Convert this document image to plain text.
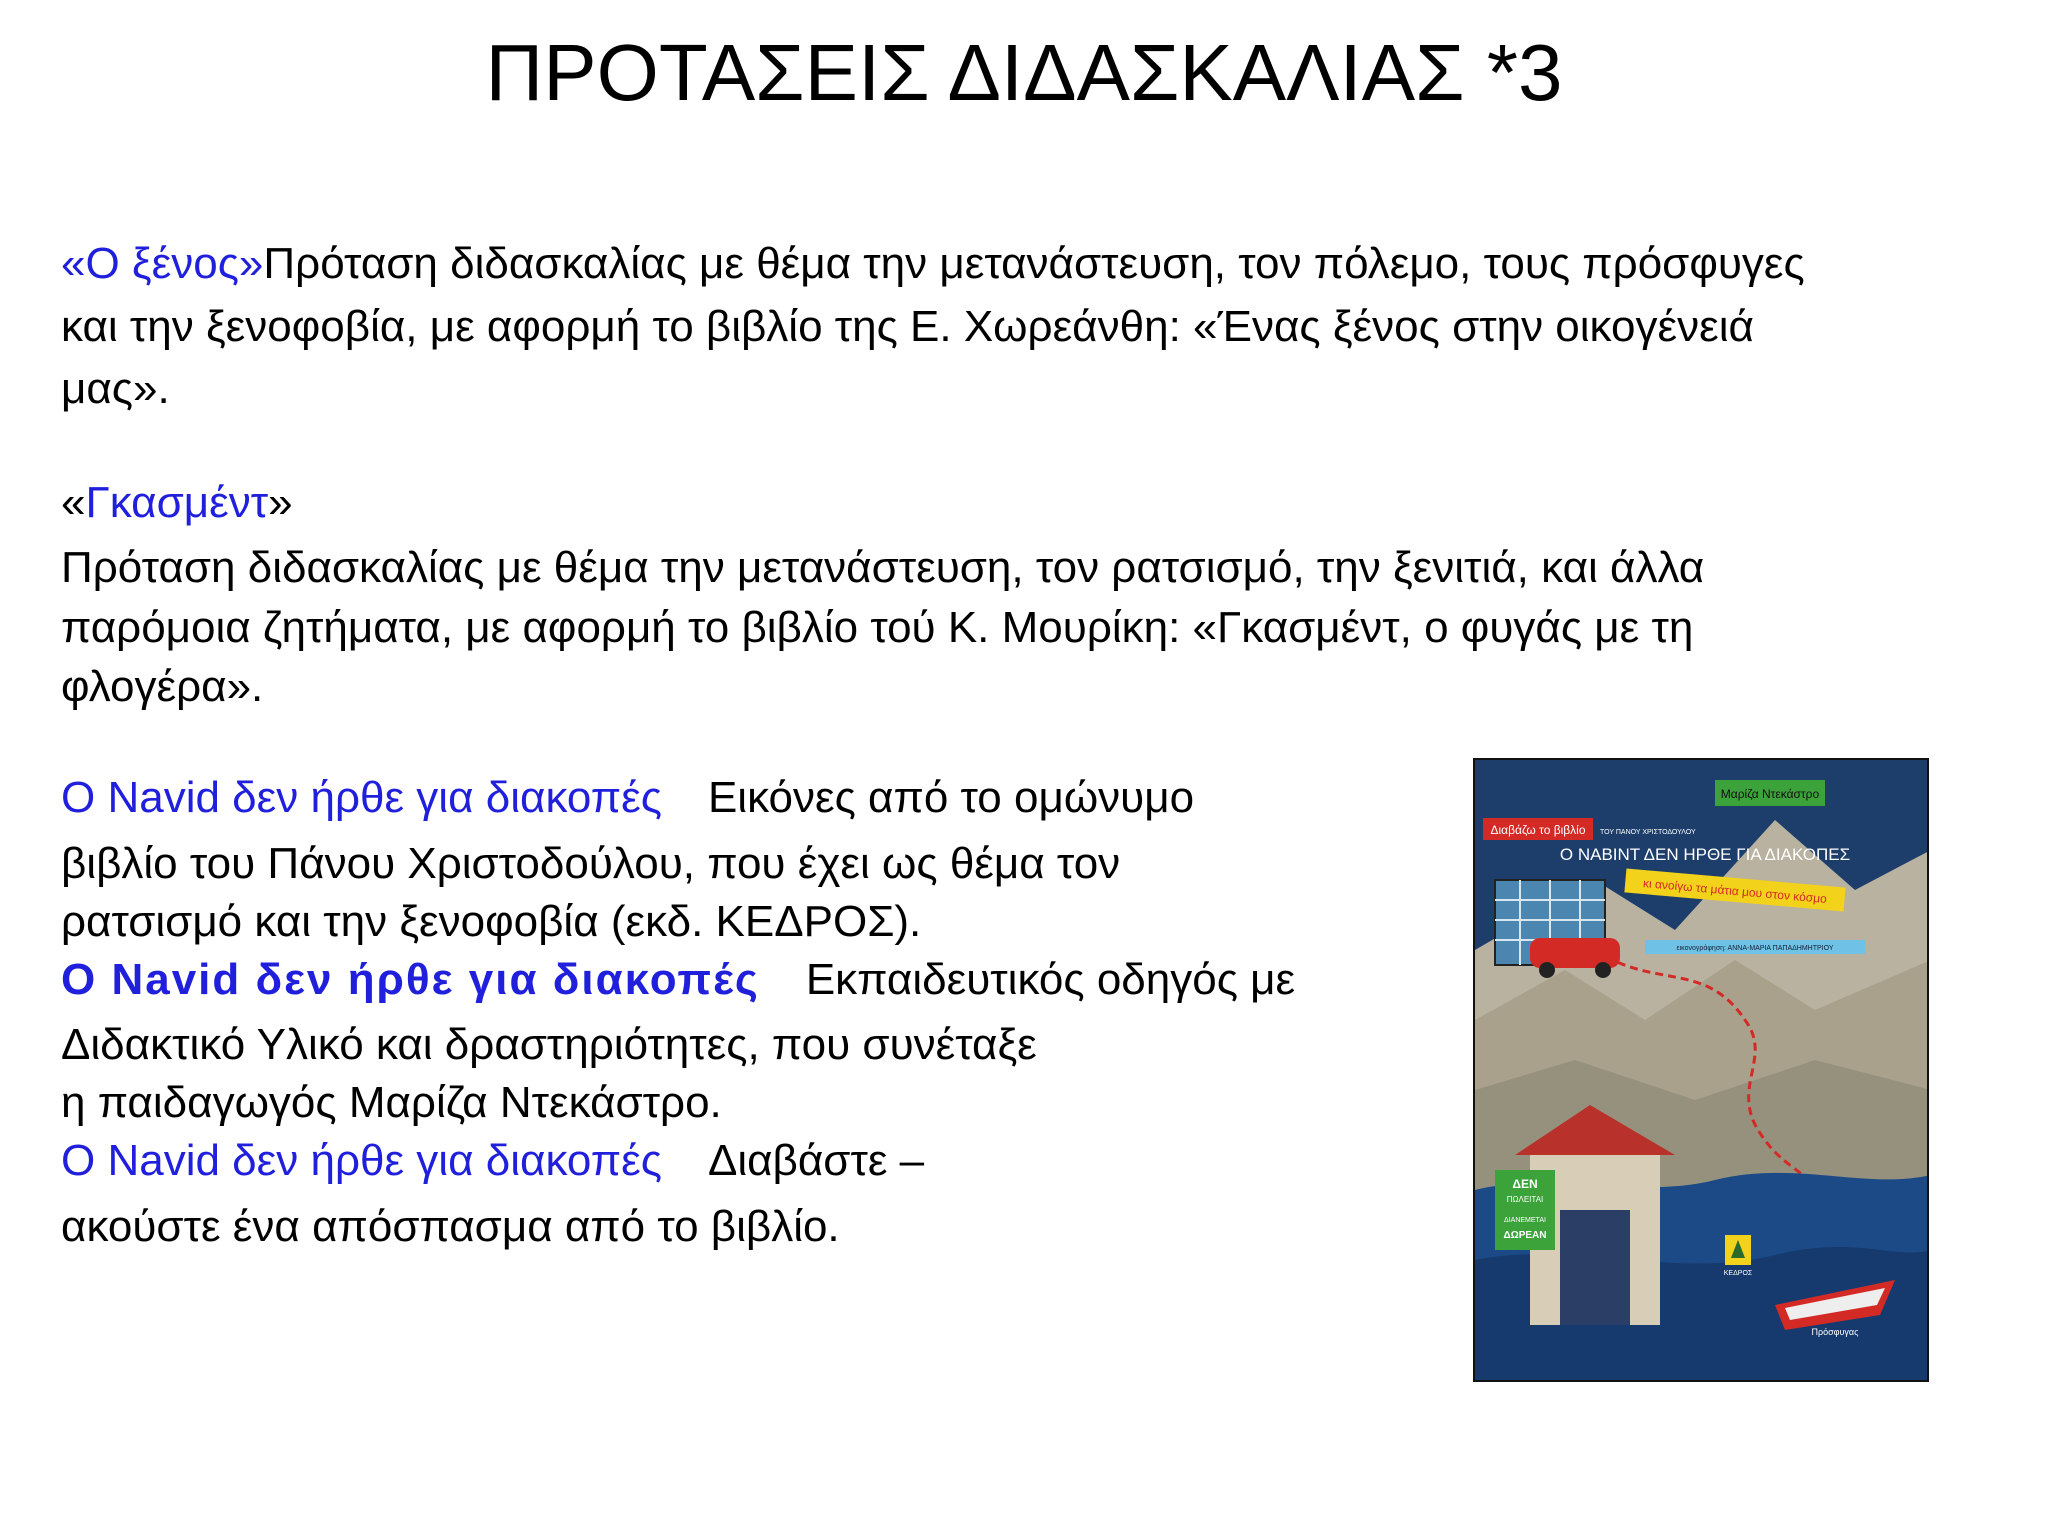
ΠΡΟΤΑΣΕΙΣ ΔΙΔΑΣΚΑΛΙΑΣ *3
«Ο ξένος»Πρόταση διδασκαλίας με θέμα την μετανάστευση, τον πόλεμο, τους πρόσφυγες
και την ξενοφοβία, με αφορμή το βιβλίο της Ε. Χωρεάνθη: «Ένας ξένος στην οικογένειά
μας».
«Γκασμέντ»
Πρόταση διδασκαλίας με θέμα την μετανάστευση, τον ρατσισμό, την ξενιτιά, και άλλα
παρόμοια ζητήματα, με αφορμή το βιβλίο τού Κ. Μουρίκη: «Γκασμέντ, ο φυγάς με τη
φλογέρα».
Ο Navid δεν ήρθε για διακοπές Εικόνες από το ομώνυμο
βιβλίο του Πάνου Χριστοδούλου, που έχει ως θέμα τον
ρατσισμό και την ξενοφοβία (εκδ. ΚΕΔΡΟΣ).
Ο Navid δεν ήρθε για διακοπές Εκπαιδευτικός οδηγός με
Διδακτικό Υλικό και δραστηριότητες, που συνέταξε
η παιδαγωγός Μαρίζα Ντεκάστρο.
Ο Navid δεν ήρθε για διακοπές Διαβάστε –
ακούστε ένα απόσπασμα από το βιβλίο.
Μαρίζα Ντεκάστρο
Διαβάζω το βιβλίο ΤΟΥ ΠΑΝΟΥ ΧΡΙΣΤΟΔΟΥΛΟΥ
Ο ΝΑΒΙΝΤ ΔΕΝ ΗΡΘΕ ΓΙΑ ΔΙΑΚΟΠΕΣ
κι ανοίγω τα μάτια μου στον κόσμο
εικονογράφηση: ΑΝΝΑ-ΜΑΡΙΑ ΠΑΠΑΔΗΜΗΤΡΙΟΥ
ΔΕΝ
ΠΩΛΕΙΤΑΙ
ΔΙΑΝΕΜΕΤΑΙ
ΔΩΡΕΑΝ
ΚΕΔΡΟΣ
Πρόσφυγας
